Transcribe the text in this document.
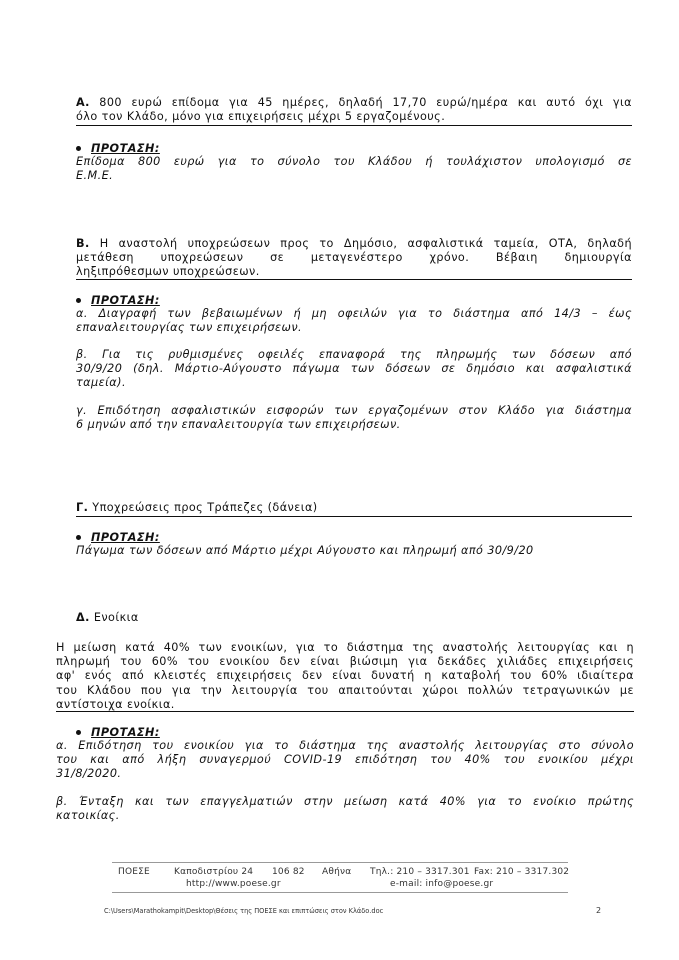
Α. 800 ευρώ επίδομα για 45 ημέρες, δηλαδή 17,70 ευρώ/ημέρα και αυτό όχι για
όλο τον Κλάδο, μόνο για επιχειρήσεις μέχρι 5 εργαζομένους.
ΠΡΟΤΑΣΗ:
Επίδομα 800 ευρώ για το σύνολο του Κλάδου ή τουλάχιστον υπολογισμό σε
Ε.Μ.Ε.
Β. Η αναστολή υποχρεώσεων προς το Δημόσιο, ασφαλιστικά ταμεία, ΟΤΑ, δηλαδή
μετάθεση υποχρεώσεων σε μεταγενέστερο χρόνο. Βέβαιη δημιουργία
ληξιπρόθεσμων υποχρεώσεων.
ΠΡΟΤΑΣΗ:
α. Διαγραφή των βεβαιωμένων ή μη οφειλών για το διάστημα από 14/3 – έως
επαναλειτουργίας των επιχειρήσεων.
β. Για τις ρυθμισμένες οφειλές επαναφορά της πληρωμής των δόσεων από
30/9/20 (δηλ. Μάρτιο-Αύγουστο πάγωμα των δόσεων σε δημόσιο και ασφαλιστικά
ταμεία).
γ. Επιδότηση ασφαλιστικών εισφορών των εργαζομένων στον Κλάδο για διάστημα
6 μηνών από την επαναλειτουργία των επιχειρήσεων.
Γ. Υποχρεώσεις προς Τράπεζες (δάνεια)
ΠΡΟΤΑΣΗ:
Πάγωμα των δόσεων από Μάρτιο μέχρι Αύγουστο και πληρωμή από 30/9/20
Δ. Ενοίκια
Η μείωση κατά 40% των ενοικίων, για το διάστημα της αναστολής λειτουργίας και η
πληρωμή του 60% του ενοικίου δεν είναι βιώσιμη για δεκάδες χιλιάδες επιχειρήσεις
αφ' ενός από κλειστές επιχειρήσεις δεν είναι δυνατή η καταβολή του 60% ιδιαίτερα
του Κλάδου που για την λειτουργία του απαιτούνται χώροι πολλών τετραγωνικών με
αντίστοιχα ενοίκια.
ΠΡΟΤΑΣΗ:
α. Επιδότηση του ενοικίου για το διάστημα της αναστολής λειτουργίας στο σύνολο
του και από λήξη συναγερμού COVID-19 επιδότηση του 40% του ενοικίου μέχρι
31/8/2020.
β. Ένταξη και των επαγγελματιών στην μείωση κατά 40% για το ενοίκιο πρώτης
κατοικίας.
ΠΟΕΣΕ	Καποδιστρίου 24 106 82 Αθήνα Τηλ.: 210 – 3317.301 Fax: 210 – 3317.302
http://www.poese.gr	e-mail: info@poese.gr
C:\Users\Marathokampit\Desktop\Θέσεις της ΠΟΕΣΕ και επιπτώσεις στον Κλάδο.doc	2
